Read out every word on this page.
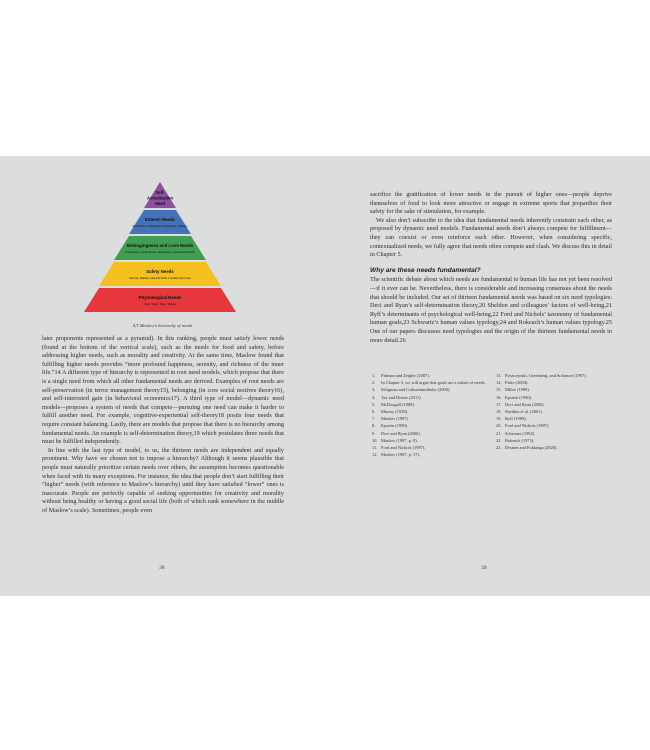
Self-
Actualization
Need
Esteem Needs
Self-Esteem, Achievement, Reputation, Mastery
Belongingness and Love Needs
Friendships, Family Bonds, Acceptance, Group Membership
Safety Needs
Security, Stability, Law and Order, Freedom from Fear
Physiological Needs
Food, Water, Sleep, Shelter
1.7 Maslow’s hierarchy of needs

later proponents represented as a pyramid). In this ranking, people must satisfy lower needs (found at the bottom of the vertical scale), such as the needs for food and safety, before addressing higher needs, such as morality and creativity. At the same time, Maslow found that fulfilling higher needs provides “more profound happiness, serenity, and richness of the inner life.”14 A different type of hierarchy is represented in root need models, which propose that there is a single need from which all other fundamental needs are derived. Examples of root needs are self-preservation (in terror management theory15), belonging (in core social motives theory16), and self-interested gain (in behavioral economics17). A third type of model—dynamic need models—proposes a system of needs that compete—pursuing one need can make it harder to fulfill another need. For example, cognitive-experiential self-theory18 posits four needs that require constant balancing. Lastly, there are models that propose that there is no hierarchy among fundamental needs. An example is self-determination theory,19 which postulates three needs that must be fulfilled independently.

In line with the last type of model, to us, the thirteen needs are independent and equally prominent. Why have we chosen not to impose a hierarchy? Although it seems plausible that people must naturally prioritize certain needs over others, the assumption becomes questionable when faced with its many exceptions. For instance, the idea that people don’t start fulfilling their “higher” needs (with reference to Maslow’s hierarchy) until they have satisfied “lower” ones is inaccurate. People are perfectly capable of seeking opportunities for creativity and morality without being healthy or having a good social life (both of which rank somewhere in the middle of Maslow’s scale). Sometimes, people even

38

sacrifice the gratification of lower needs in the pursuit of higher ones—people deprive themselves of food to look more attractive or engage in extreme sports that jeopardize their safety for the sake of stimulation, for example.

We also don’t subscribe to the idea that fundamental needs inherently constrain each other, as proposed by dynamic need models. Fundamental needs don’t always compete for fulfillment—they can coexist or even reinforce each other. However, when considering specific, contextualized needs, we fully agree that needs often compete and clash. We discuss this in detail in Chapter 5.

Why are these needs fundamental?

The scientific debate about which needs are fundamental to human life has not yet been resolved—if it ever can be. Nevertheless, there is considerable and increasing consensus about the needs that should be included. Our set of thirteen fundamental needs was based on six need typologies: Deci and Ryan’s self-determination theory,20 Sheldon and colleagues’ factors of well-being,21 Ryff’s determinants of psychological well-being,22 Ford and Nichols’ taxonomy of fundamental human goals,23 Schwartz’s human values typology,24 and Rokeach’s human values typology.25 One of our papers discusses need typologies and the origin of the thirteen fundamental needs in more detail.26

1.	Pittman and Zeigler (2007).
2.	In Chapter 3, we will argue that goals are a subset of needs.
3.	Seligman and Csikszentmihalyi (2000).
4.	Tay and Diener (2011).
5.	McDougall (1908).
6.	Murray (1938).
7.	Maslow (1987).
8.	Epstein (1990).
9.	Deci and Ryan (2000).
10. Maslow (1987, p. 8).
11. Ford and Nichols (1987).
12. Maslow (1987, p. 57).
13. Pyszczynski, Greenberg, and Solomon (1997).
14. Fiske (2004).
15. Miller (1999).
16. Epstein (1990).
17. Deci and Ryan (2000).
18. Sheldon et al. (2001).
19. Ryff (1989).
20. Ford and Nichols (1987).
21. Schwartz (1994)
22. Rokeach (1973).
23. Desmet and Fokkinga (2020).
39
